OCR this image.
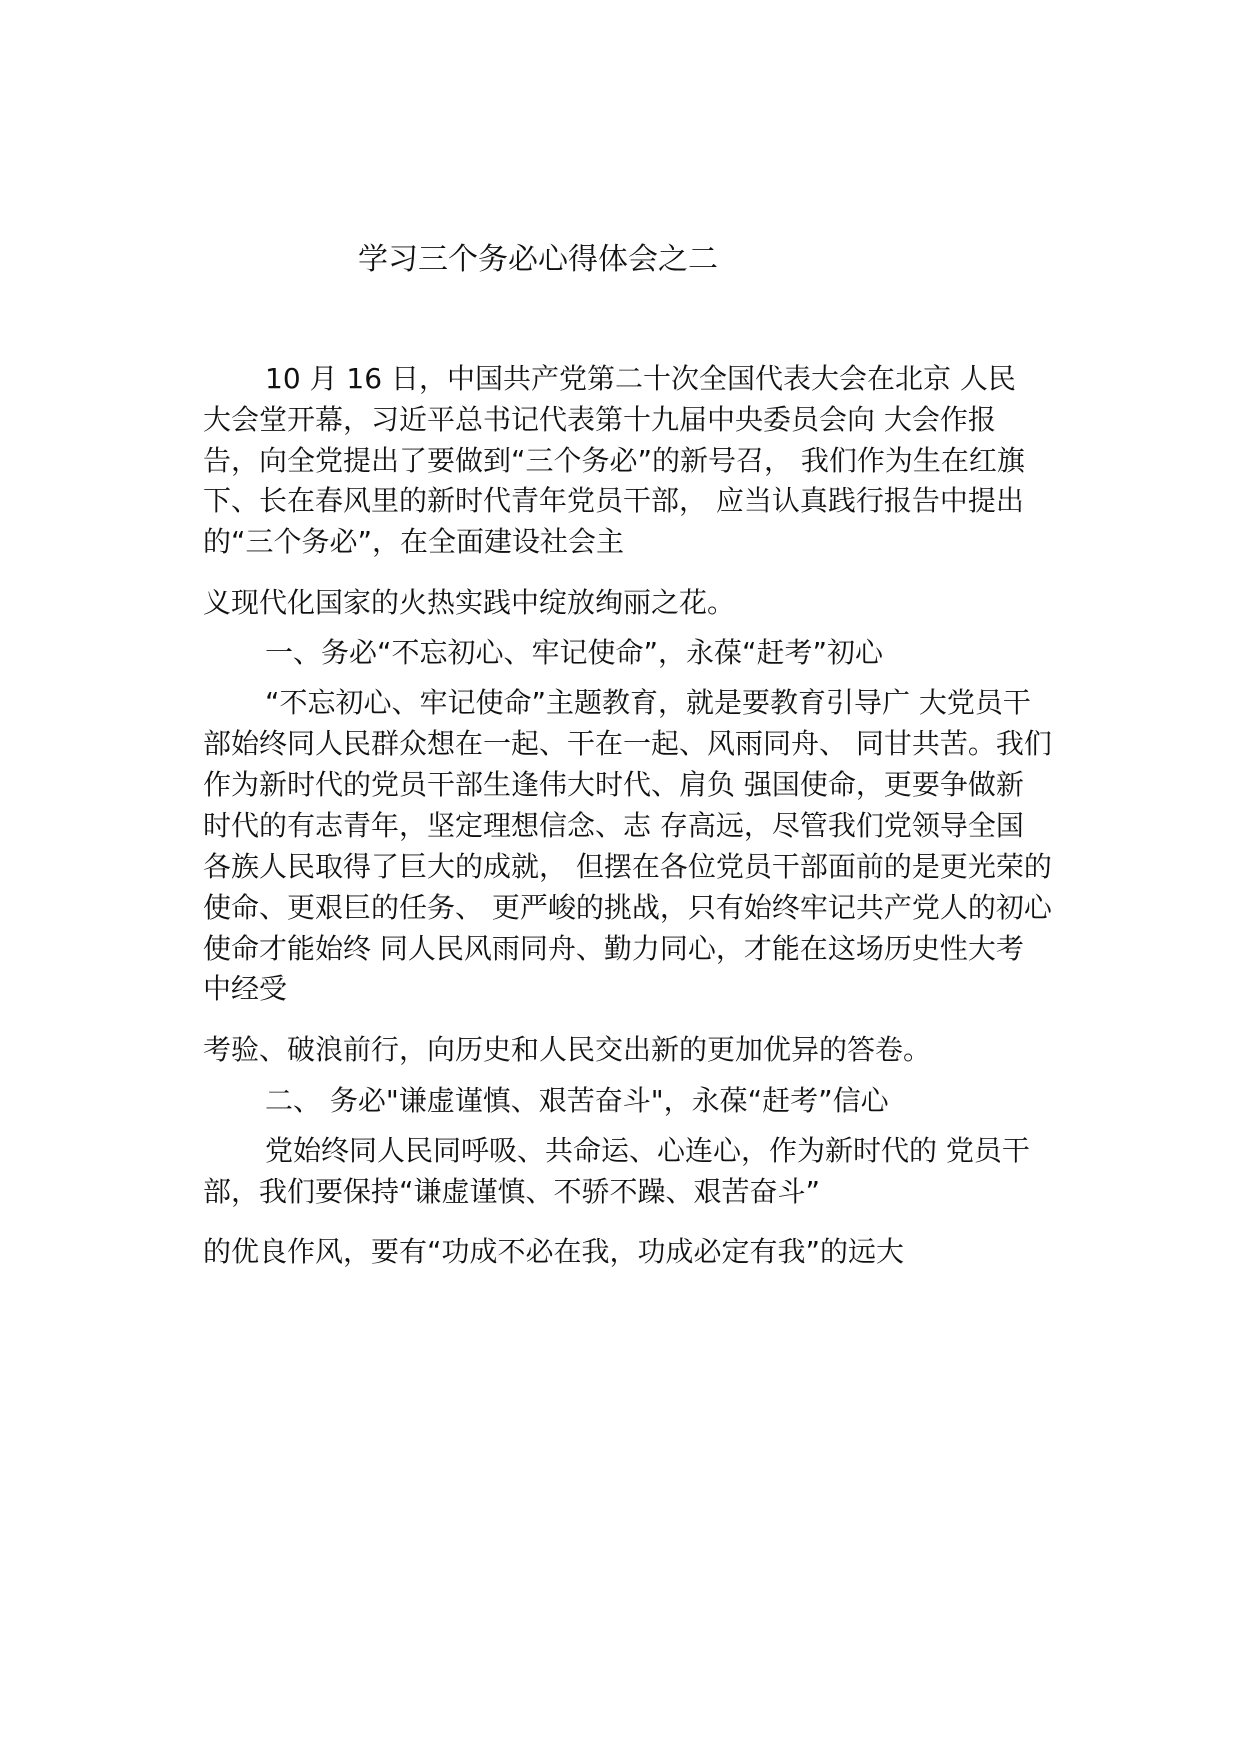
学习三个务必心得体会之二
10 月 16 日，中国共产党第二十次全国代表大会在北京 人民
大会堂开幕，习近平总书记代表第十九届中央委员会向 大会作报
告，向全党提出了要做到“三个务必”的新号召， 我们作为生在红旗
下、长在春风里的新时代青年党员干部， 应当认真践行报告中提出
的“三个务必”，在全面建设社会主
义现代化国家的火热实践中绽放绚丽之花。
一、务必“不忘初心、牢记使命”，永葆“赶考”初心
“不忘初心、牢记使命”主题教育，就是要教育引导广 大党员干
部始终同人民群众想在一起、干在一起、风雨同舟、 同甘共苦。我们
作为新时代的党员干部生逢伟大时代、肩负 强国使命，更要争做新
时代的有志青年，坚定理想信念、志 存高远，尽管我们党领导全国
各族人民取得了巨大的成就， 但摆在各位党员干部面前的是更光荣的
使命、更艰巨的任务、 更严峻的挑战，只有始终牢记共产党人的初心
使命才能始终 同人民风雨同舟、勤力同心，才能在这场历史性大考
中经受
考验、破浪前行，向历史和人民交出新的更加优异的答卷。
二、 务必"谦虚谨慎、艰苦奋斗"，永葆“赶考”信心
党始终同人民同呼吸、共命运、心连心，作为新时代的 党员干
部，我们要保持“谦虚谨慎、不骄不躁、艰苦奋斗”
的优良作风，要有“功成不必在我，功成必定有我”的远大
